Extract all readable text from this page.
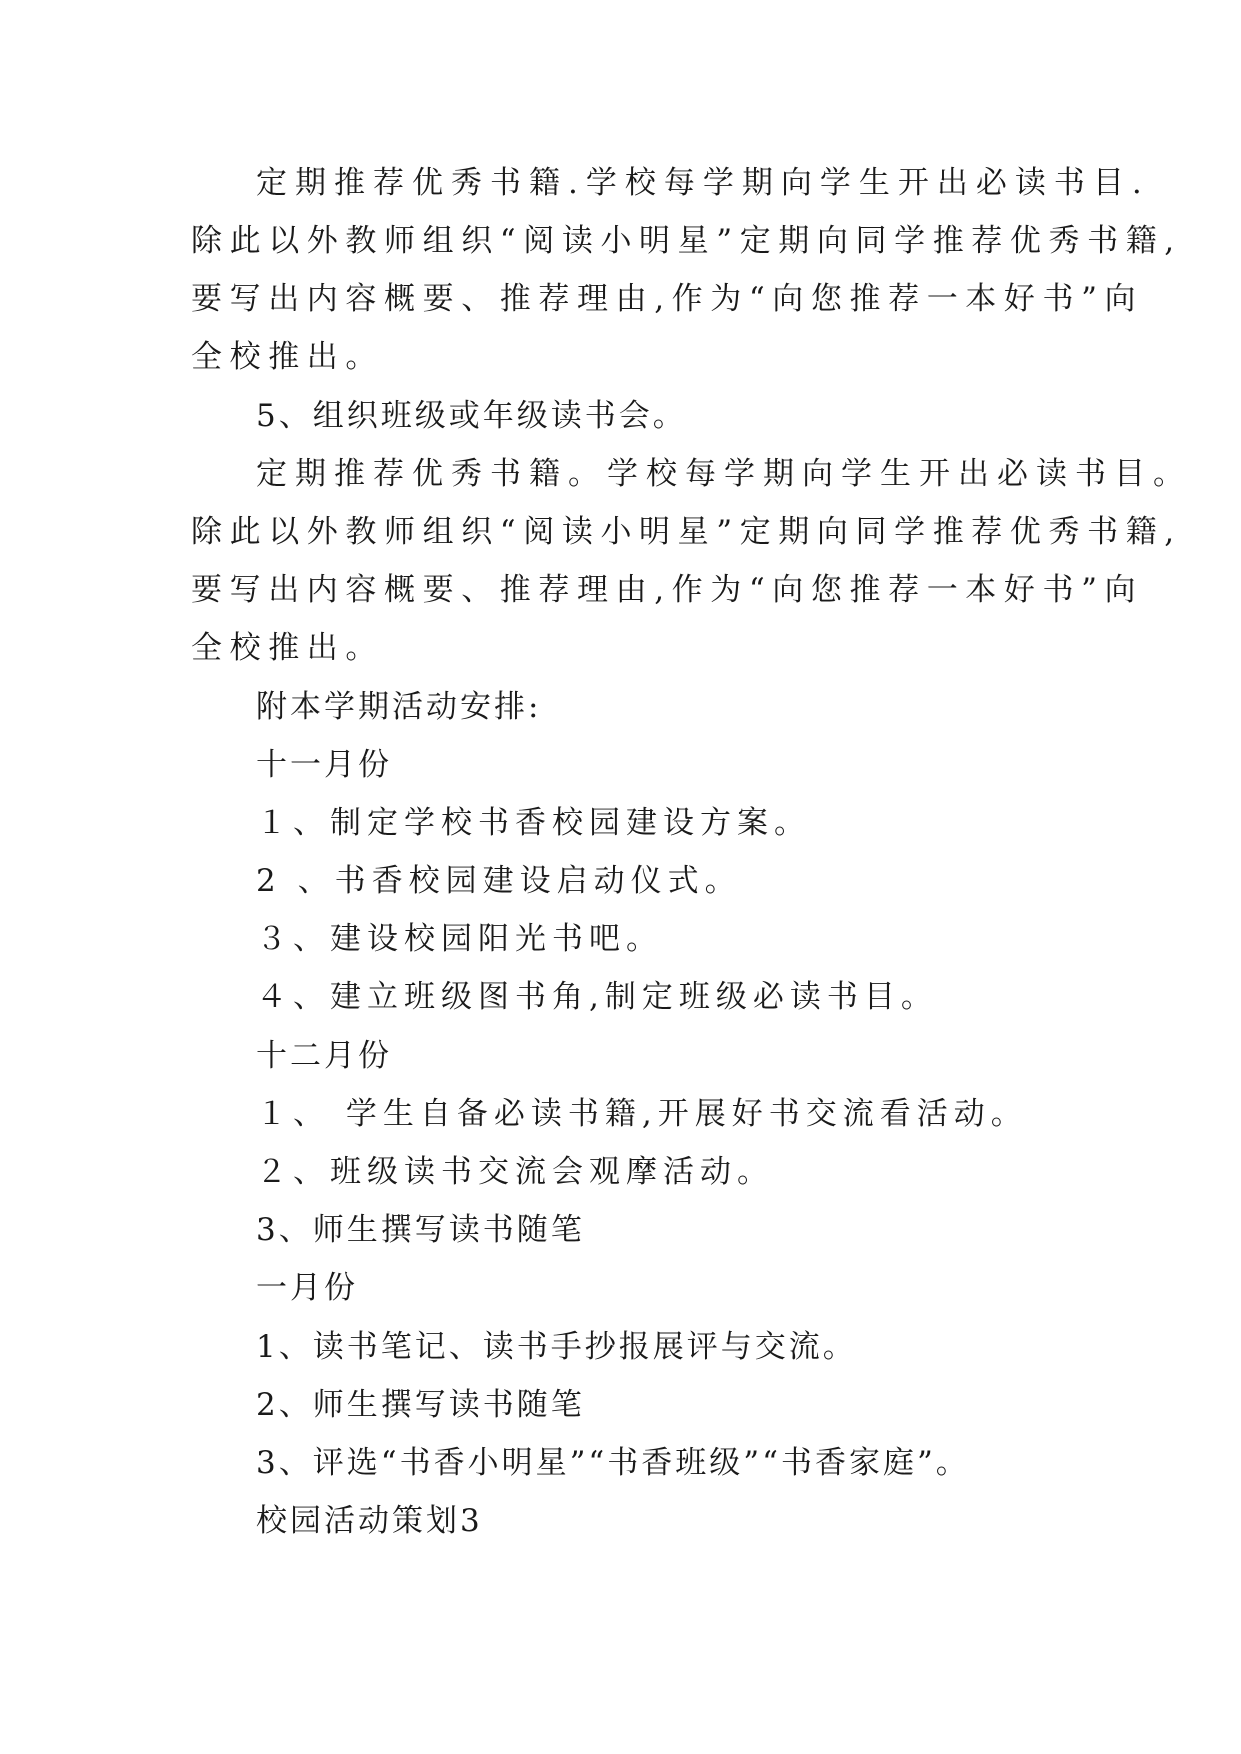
定期推荐优秀书籍.学校每学期向学生开出必读书目.
除此以外教师组织“阅读小明星”定期向同学推荐优秀书籍,
要写出内容概要、推荐理由,作为“向您推荐一本好书”向
全校推出。
5、组织班级或年级读书会。
定期推荐优秀书籍。学校每学期向学生开出必读书目。
除此以外教师组织“阅读小明星”定期向同学推荐优秀书籍,
要写出内容概要、推荐理由,作为“向您推荐一本好书”向
全校推出。
附本学期活动安排:
十一月份
１、制定学校书香校园建设方案。
2 、书香校园建设启动仪式。
３、建设校园阳光书吧。
４、建立班级图书角,制定班级必读书目。
十二月份
１、 学生自备必读书籍,开展好书交流看活动。
２、班级读书交流会观摩活动。
3、师生撰写读书随笔
一月份
1、读书笔记、读书手抄报展评与交流。
2、师生撰写读书随笔
3、评选“书香小明星”“书香班级”“书香家庭”。
校园活动策划3
